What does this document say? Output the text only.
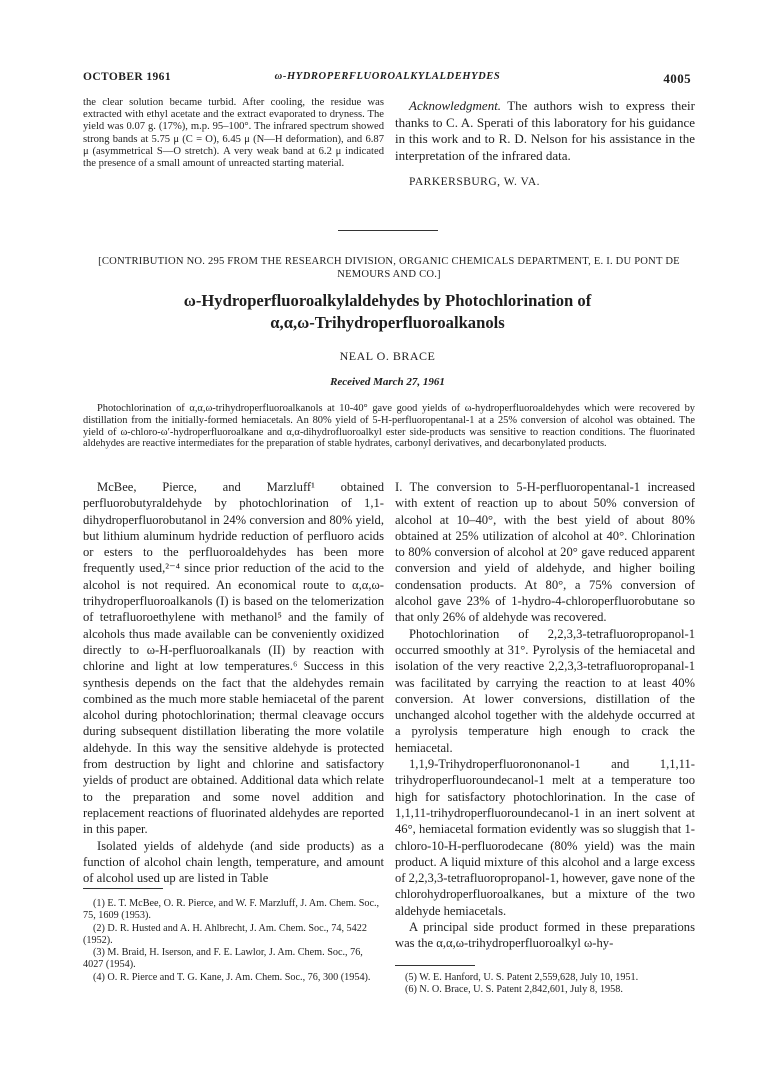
OCTOBER 1961	ω-HYDROPERFLUOROALKYLALDEHYDES	4005

the clear solution became turbid. After cooling, the residue was extracted with ethyl acetate and the extract evaporated to dryness. The yield was 0.07 g. (17%), m.p. 95–100°. The infrared spectrum showed strong bands at 5.75 μ (C = O), 6.45 μ (N—H deformation), and 6.87 μ (asymmetrical S—O stretch). A very weak band at 6.2 μ indicated the presence of a small amount of unreacted starting material.

Acknowledgment. The authors wish to express their thanks to C. A. Sperati of this laboratory for his guidance in this work and to R. D. Nelson for his assistance in the interpretation of the infrared data.

PARKERSBURG, W. VA.

[CONTRIBUTION NO. 295 FROM THE RESEARCH DIVISION, ORGANIC CHEMICALS DEPARTMENT, E. I. DU PONT DE NEMOURS AND CO.]
ω-Hydroperfluoroalkylaldehydes by Photochlorination of
α,α,ω-Trihydroperfluoroalkanols
NEAL O. BRACE
Received March 27, 1961
Photochlorination of α,α,ω-trihydroperfluoroalkanols at 10-40° gave good yields of ω-hydroperfluoroaldehydes which were recovered by distillation from the initially-formed hemiacetals. An 80% yield of 5-H-perfluoropentanal-1 at a 25% conversion of alcohol was obtained. The yield of ω-chloro-ω′-hydroperfluoroalkane and α,α-dihydrofluoroalkyl ester side-products was sensitive to reaction conditions. The fluorinated aldehydes are reactive intermediates for the preparation of stable hydrates, carbonyl derivatives, and decarbonylated products.

McBee, Pierce, and Marzluff¹ obtained perfluorobutyraldehyde by photochlorination of 1,1-dihydroperfluorobutanol in 24% conversion and 80% yield, but lithium aluminum hydride reduction of perfluoro acids or esters to the perfluoroaldehydes has been more frequently used,²⁻⁴ since prior reduction of the acid to the alcohol is not required. An economical route to α,α,ω-trihydroperfluoroalkanols (I) is based on the telomerization of tetrafluoroethylene with methanol⁵ and the family of alcohols thus made available can be conveniently oxidized directly to ω-H-perfluoroalkanals (II) by reaction with chlorine and light at low temperatures.⁶ Success in this synthesis depends on the fact that the aldehydes remain combined as the much more stable hemiacetal of the parent alcohol during photochlorination; thermal cleavage occurs during subsequent distillation liberating the more volatile aldehyde. In this way the sensitive aldehyde is protected from destruction by light and chlorine and satisfactory yields of product are obtained. Additional data which relate to the preparation and some novel addition and replacement reactions of fluorinated aldehydes are reported in this paper.

Isolated yields of aldehyde (and side products) as a function of alcohol chain length, temperature, and amount of alcohol used up are listed in Table

(1) E. T. McBee, O. R. Pierce, and W. F. Marzluff, J. Am. Chem. Soc., 75, 1609 (1953).

(2) D. R. Husted and A. H. Ahlbrecht, J. Am. Chem. Soc., 74, 5422 (1952).

(3) M. Braid, H. Iserson, and F. E. Lawlor, J. Am. Chem. Soc., 76, 4027 (1954).

(4) O. R. Pierce and T. G. Kane, J. Am. Chem. Soc., 76, 300 (1954).

I. The conversion to 5-H-perfluoropentanal-1 increased with extent of reaction up to about 50% conversion of alcohol at 10–40°, with the best yield of about 80% obtained at 25% utilization of alcohol at 40°. Chlorination to 80% conversion of alcohol at 20° gave reduced apparent conversion and yield of aldehyde, and higher boiling condensation products. At 80°, a 75% conversion of alcohol gave 23% of 1-hydro-4-chloroperfluorobutane so that only 26% of aldehyde was recovered.

Photochlorination of 2,2,3,3-tetrafluoropropanol-1 occurred smoothly at 31°. Pyrolysis of the hemiacetal and isolation of the very reactive 2,2,3,3-tetrafluoropropanal-1 was facilitated by carrying the reaction to at least 40% conversion. At lower conversions, distillation of the unchanged alcohol together with the aldehyde occurred at a pyrolysis temperature high enough to crack the hemiacetal.

1,1,9-Trihydroperfluorononanol-1 and 1,1,11-trihydroperfluoroundecanol-1 melt at a temperature too high for satisfactory photochlorination. In the case of 1,1,11-trihydroperfluoroundecanol-1 in an inert solvent at 46°, hemiacetal formation evidently was so sluggish that 1-chloro-10-H-perfluorodecane (80% yield) was the main product. A liquid mixture of this alcohol and a large excess of 2,2,3,3-tetrafluoropropanol-1, however, gave none of the chlorohydroperfluoroalkanes, but a mixture of the two aldehyde hemiacetals.

A principal side product formed in these preparations was the α,α,ω-trihydroperfluoroalkyl ω-hy-

(5) W. E. Hanford, U. S. Patent 2,559,628, July 10, 1951.

(6) N. O. Brace, U. S. Patent 2,842,601, July 8, 1958.
